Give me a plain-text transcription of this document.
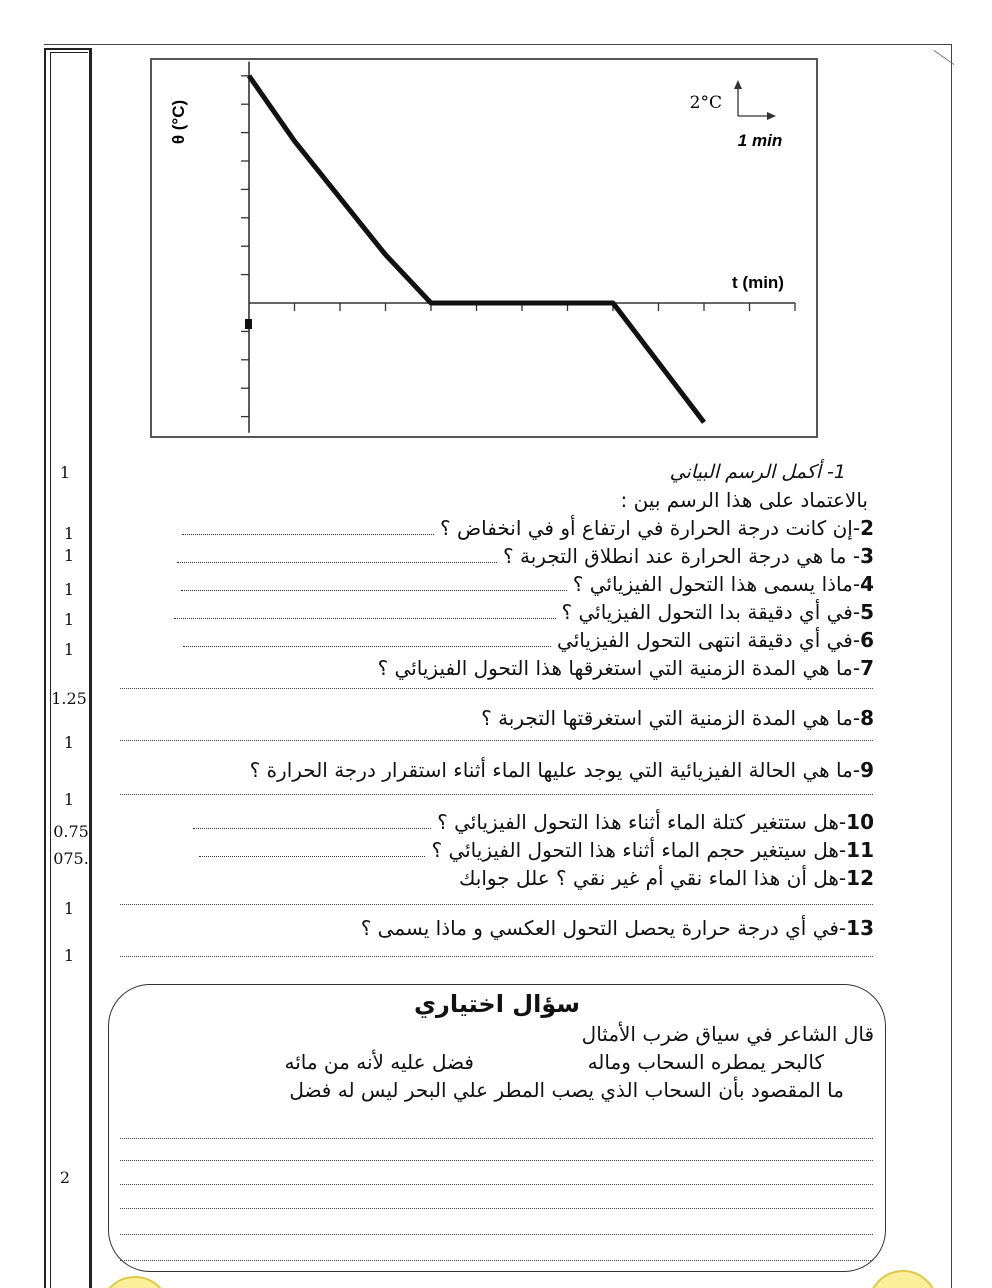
1
1
1
1
1
1
1.25
1
1
0.75
075.
1
1
2
θ (°C)
t (min)
2°C
1 min
1- أكمل الرسم البياني
بالاعتماد على هذا الرسم بين :
2-إن كانت درجة الحرارة في ارتفاع أو في انخفاض ؟
3- ما هي درجة الحرارة عند انطلاق التجربة ؟
4-ماذا يسمى هذا التحول الفيزيائي ؟
5-في أي دقيقة بدا التحول الفيزيائي ؟
6-في أي دقيقة انتهى التحول الفيزيائي
7-ما هي المدة الزمنية التي استغرقها هذا التحول الفيزيائي ؟
8-ما هي المدة الزمنية التي استغرقتها التجربة ؟
9-ما هي الحالة الفيزيائية التي يوجد عليها الماء أثناء استقرار درجة الحرارة ؟
10-هل ستتغير كتلة الماء أثناء هذا التحول الفيزيائي ؟
11-هل سيتغير حجم الماء أثناء هذا التحول الفيزيائي ؟
12-هل أن هذا الماء نقي أم غير نقي ؟ علل جوابك
13-في أي درجة حرارة يحصل التحول العكسي و ماذا يسمى ؟
سؤال اختياري
قال الشاعر في سياق ضرب الأمثال
كالبحر يمطره السحاب وماله
فضل عليه لأنه من مائه
ما المقصود بأن السحاب الذي يصب المطر علي البحر ليس له فضل
